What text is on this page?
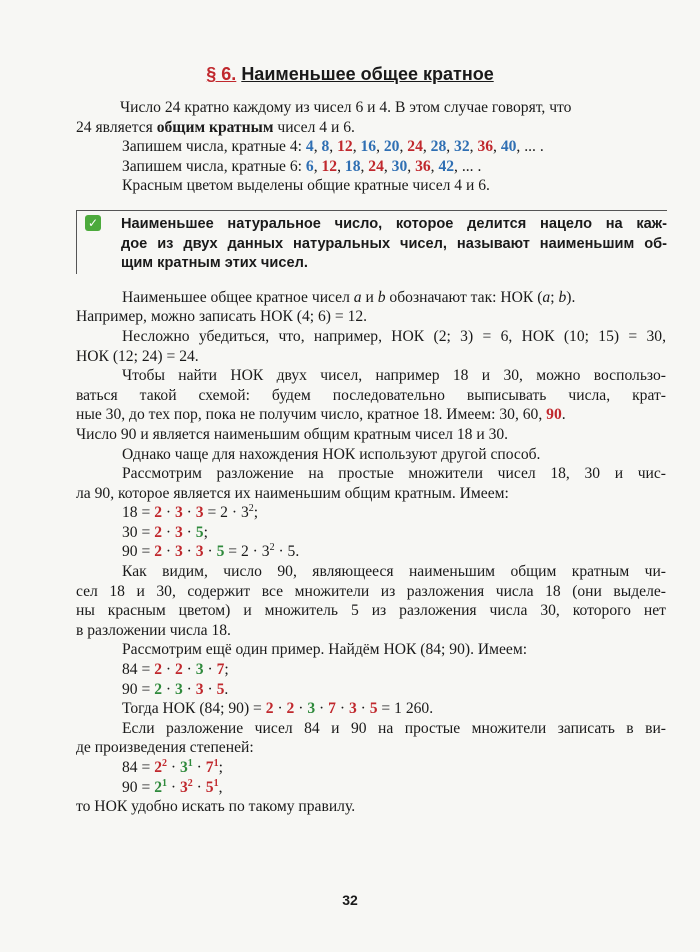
§ 6. Наименьшее общее кратное
Число 24 кратно каждому из чисел 6 и 4. В этом случае говорят, что
24 является общим кратным чисел 4 и 6.
Запишем числа, кратные 4: 4, 8, 12, 16, 20, 24, 28, 32, 36, 40, ... .
Запишем числа, кратные 6: 6, 12, 18, 24, 30, 36, 42, ... .
Красным цветом выделены общие кратные чисел 4 и 6.
✓ Наименьшее натуральное число, которое делится нацело на каж-
дое из двух данных натуральных чисел, называют наименьшим об-
щим кратным этих чисел.
Наименьшее общее кратное чисел a и b обозначают так: НОК (a; b).
Например, можно записать НОК (4; 6) = 12.
Несложно убедиться, что, например, НОК (2; 3) = 6, НОК (10; 15) = 30,
НОК (12; 24) = 24.
Чтобы найти НОК двух чисел, например 18 и 30, можно воспользо-
ваться такой схемой: будем последовательно выписывать числа, крат-
ные 30, до тех пор, пока не получим число, кратное 18. Имеем: 30, 60, 90.
Число 90 и является наименьшим общим кратным чисел 18 и 30.
Однако чаще для нахождения НОК используют другой способ.
Рассмотрим разложение на простые множители чисел 18, 30 и чис-
ла 90, которое является их наименьшим общим кратным. Имеем:
$18 = 2 \cdot 3 \cdot 3 = 2 \cdot 3^2$;
30 = 2 · 3 · 5;
$90 = 2 \cdot 3 \cdot 3 \cdot 5 = 2 \cdot 3^2 \cdot 5$.
Как видим, число 90, являющееся наименьшим общим кратным чи-
сел 18 и 30, содержит все множители из разложения числа 18 (они выделе-
ны красным цветом) и множитель 5 из разложения числа 30, которого нет
в разложении числа 18.
Рассмотрим ещё один пример. Найдём НОК (84; 90). Имеем:
84 = 2 · 2 · 3 · 7;
90 = 2 · 3 · 3 · 5.
Тогда НОК (84; 90) = 2 · 2 · 3 · 7 · 3 · 5 = 1 260.
Если разложение чисел 84 и 90 на простые множители записать в ви-
де произведения степеней:
$84 = 2^2 \cdot 3^1 \cdot 7^1$;
$90 = 2^1 \cdot 3^2 \cdot 5^1$,
то НОК удобно искать по такому правилу.
32
